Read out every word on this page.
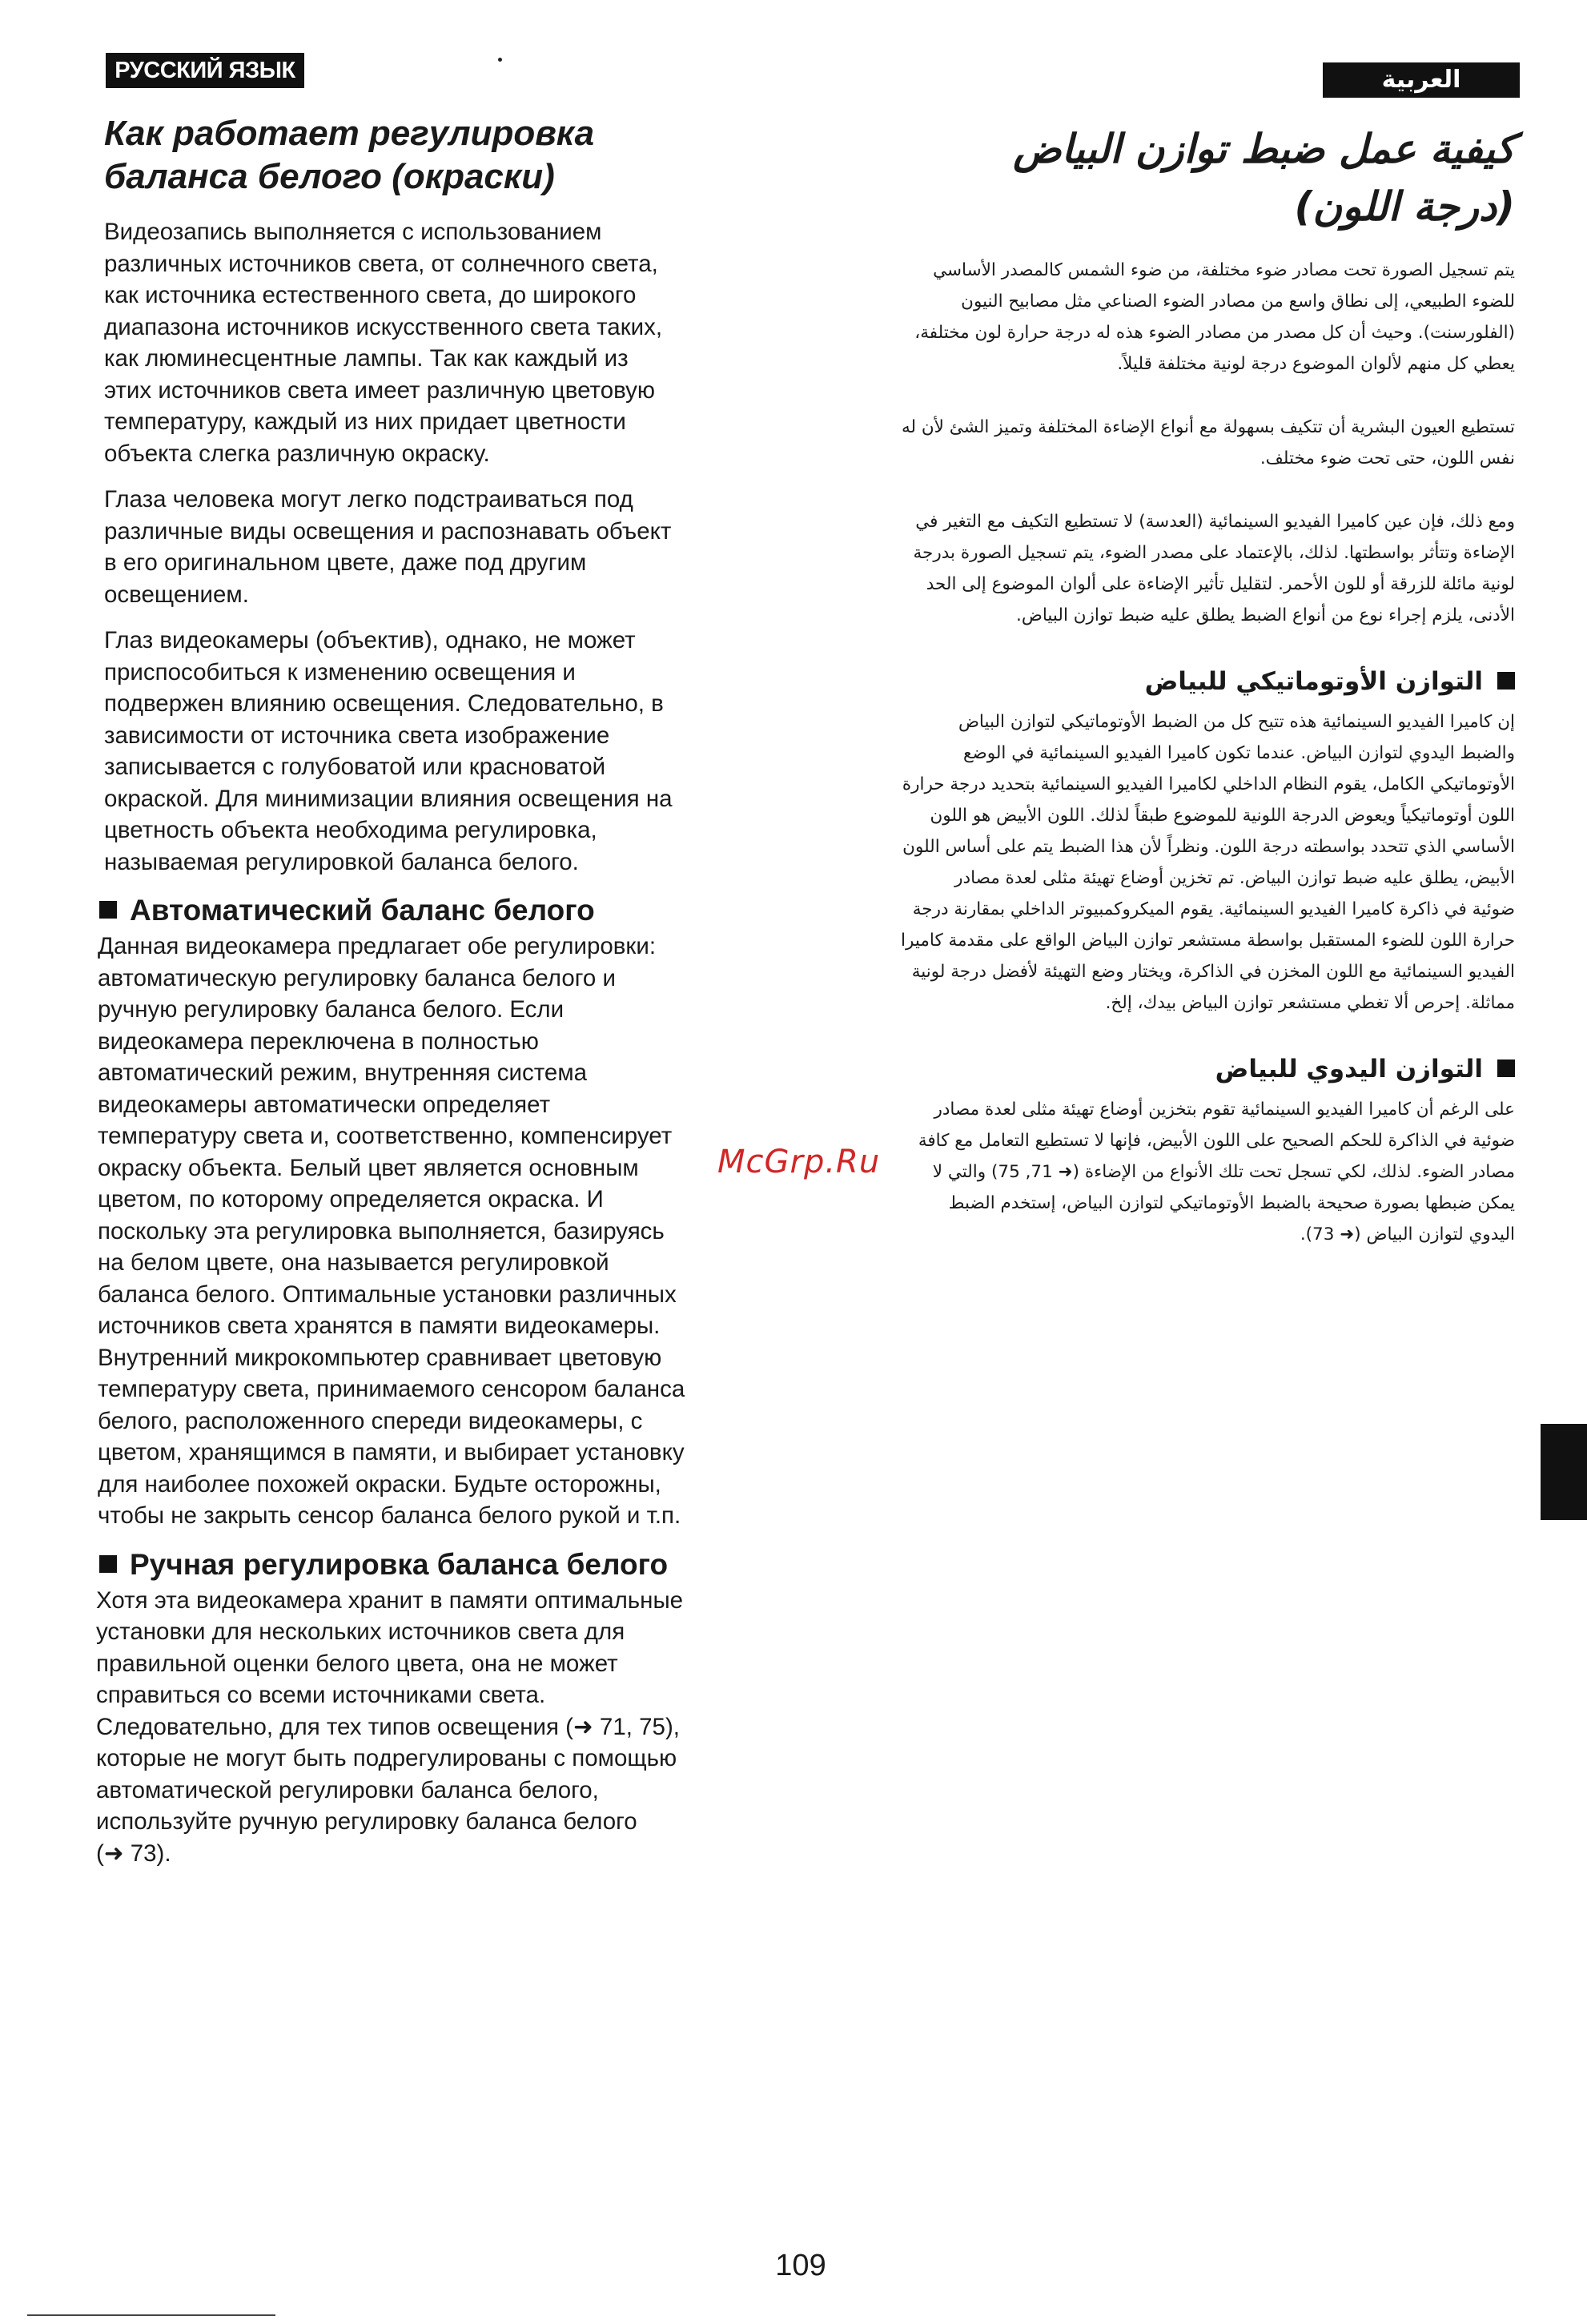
РУССКИЙ ЯЗЫК	العربية
Как работает регулировка
баланса белого (окраски)
Видеозапись выполняется с использованием
различных источников света, от солнечного света,
как источника естественного света, до широкого
диапазона источников искусственного света таких,
как люминесцентные лампы. Так как каждый из
этих источников света имеет различную цветовую
температуру, каждый из них придает цветности
объекта слегка различную окраску.
Глаза человека могут легко подстраиваться под
различные виды освещения и распознавать объект
в его оригинальном цвете, даже под другим
освещением.
Глаз видеокамеры (объектив), однако, не может
приспособиться к изменению освещения и
подвержен влиянию освещения. Следовательно, в
зависимости от источника света изображение
записывается с голубоватой или красноватой
окраской. Для минимизации влияния освещения на
цветность объекта необходима регулировка,
называемая регулировкой баланса белого.
Автоматический баланс белого
Данная видеокамера предлагает обе регулировки:
автоматическую регулировку баланса белого и
ручную регулировку баланса белого. Если
видеокамера переключена в полностью
автоматический режим, внутренняя система
видеокамеры автоматически определяет
температуру света и, соответственно, компенсирует
окраску объекта. Белый цвет является основным
цветом, по которому определяется окраска. И
поскольку эта регулировка выполняется, базируясь
на белом цвете, она называется регулировкой
баланса белого. Оптимальные установки различных
источников света хранятся в памяти видеокамеры.
Внутренний микрокомпьютер сравнивает цветовую
температуру света, принимаемого сенсором баланса
белого, расположенного спереди видеокамеры, с
цветом, хранящимся в памяти, и выбирает установку
для наиболее похожей окраски. Будьте осторожны,
чтобы не закрыть сенсор баланса белого рукой и т.п.
Ручная регулировка баланса белого
Хотя эта видеокамера хранит в памяти оптимальные
установки для нескольких источников света для
правильной оценки белого цвета, она не может
справиться со всеми источниками света.
Следовательно, для тех типов освещения (➜ 71, 75),
которые не могут быть подрегулированы с помощью
автоматической регулировки баланса белого,
используйте ручную регулировку баланса белого
(➜ 73).
كيفية عمل ضبط توازن البياض
(درجة اللون)
يتم تسجيل الصورة تحت مصادر ضوء مختلفة، من ضوء الشمس كالمصدر الأساسي
للضوء الطبيعي، إلى نطاق واسع من مصادر الضوء الصناعي مثل مصابيح النيون
(الفلورسنت). وحيث أن كل مصدر من مصادر الضوء هذه له درجة حرارة لون مختلفة،
يعطي كل منهم لألوان الموضوع درجة لونية مختلفة قليلاً.
تستطيع العيون البشرية أن تتكيف بسهولة مع أنواع الإضاءة المختلفة وتميز الشئ لأن له
نفس اللون، حتى تحت ضوء مختلف.
ومع ذلك، فإن عين كاميرا الفيديو السينمائية (العدسة) لا تستطيع التكيف مع التغير في
الإضاءة وتتأثر بواسطتها. لذلك، بالإعتماد على مصدر الضوء، يتم تسجيل الصورة بدرجة
لونية مائلة للزرقة أو للون الأحمر. لتقليل تأثير الإضاءة على ألوان الموضوع إلى الحد
الأدنى، يلزم إجراء نوع من أنواع الضبط يطلق عليه ضبط توازن البياض.
التوازن الأوتوماتيكي للبياض
إن كاميرا الفيديو السينمائية هذه تتيح كل من الضبط الأوتوماتيكي لتوازن البياض
والضبط اليدوي لتوازن البياض. عندما تكون كاميرا الفيديو السينمائية في الوضع
الأوتوماتيكي الكامل، يقوم النظام الداخلي لكاميرا الفيديو السينمائية بتحديد درجة حرارة
اللون أوتوماتيكياً ويعوض الدرجة اللونية للموضوع طبقاً لذلك. اللون الأبيض هو اللون
الأساسي الذي تتحدد بواسطته درجة اللون. ونظراً لأن هذا الضبط يتم على أساس اللون
الأبيض، يطلق عليه ضبط توازن البياض. تم تخزين أوضاع تهيئة مثلى لعدة مصادر
ضوئية في ذاكرة كاميرا الفيديو السينمائية. يقوم الميكروكمبيوتر الداخلي بمقارنة درجة
حرارة اللون للضوء المستقبل بواسطة مستشعر توازن البياض الواقع على مقدمة كاميرا
الفيديو السينمائية مع اللون المخزن في الذاكرة، ويختار وضع التهيئة لأفضل درجة لونية
مماثلة. إحرص ألا تغطي مستشعر توازن البياض بيدك، إلخ.
التوازن اليدوي للبياض
على الرغم أن كاميرا الفيديو السينمائية تقوم بتخزين أوضاع تهيئة مثلى لعدة مصادر
ضوئية في الذاكرة للحكم الصحيح على اللون الأبيض، فإنها لا تستطيع التعامل مع كافة
مصادر الضوء. لذلك، لكي تسجل تحت تلك الأنواع من الإضاءة (➜ 71, 75) والتي لا
يمكن ضبطها بصورة صحيحة بالضبط الأوتوماتيكي لتوازن البياض، إستخدم الضبط
اليدوي لتوازن البياض (➜ 73).
McGrp.Ru
109
